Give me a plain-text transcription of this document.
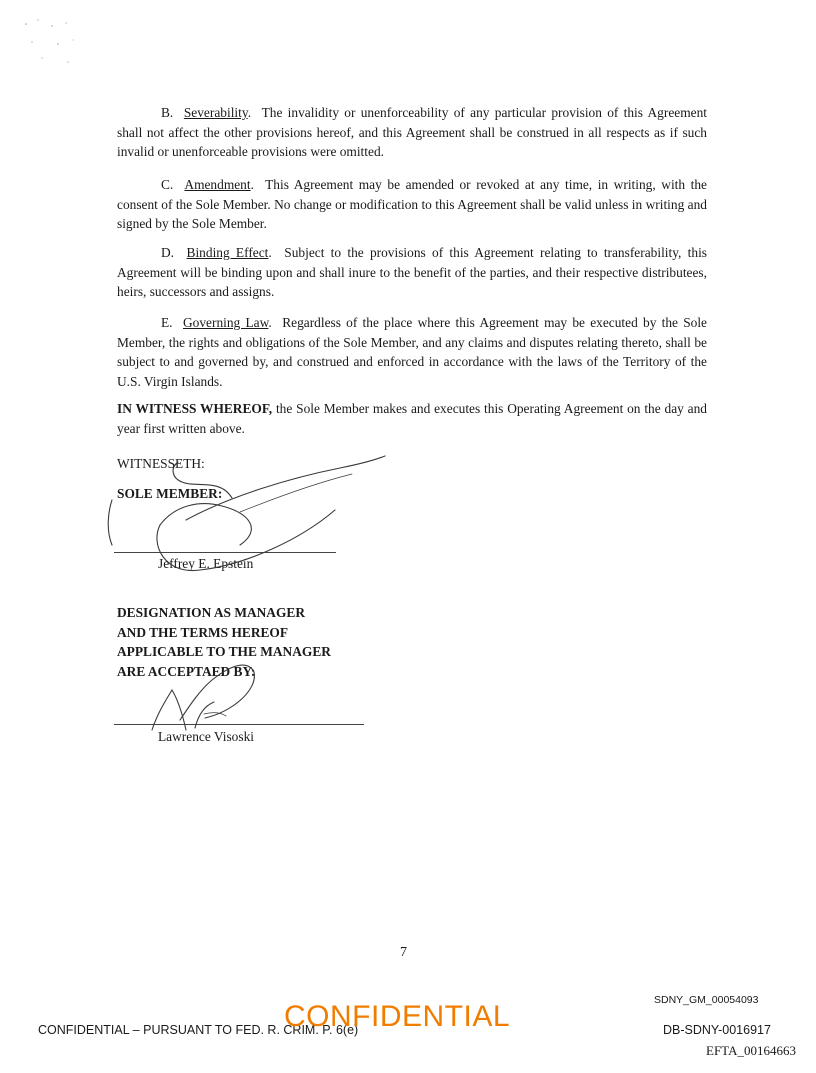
B. Severability.  The invalidity or unenforceability of any particular provision of this Agreement shall not affect the other provisions hereof, and this Agreement shall be construed in all respects as if such invalid or unenforceable provisions were omitted.

C. Amendment.  This Agreement may be amended or revoked at any time, in writing, with the consent of the Sole Member. No change or modification to this Agreement shall be valid unless in writing and signed by the Sole Member.

D. Binding Effect.  Subject to the provisions of this Agreement relating to transferability, this Agreement will be binding upon and shall inure to the benefit of the parties, and their respective distributees, heirs, successors and assigns.

E. Governing Law.  Regardless of the place where this Agreement may be executed by the Sole Member, the rights and obligations of the Sole Member, and any claims and disputes relating thereto, shall be subject to and governed by, and construed and enforced in accordance with the laws of the Territory of the U.S. Virgin Islands.

IN WITNESS WHEREOF, the Sole Member makes and executes this Operating Agreement on the day and year first written above.

WITNESSETH:
SOLE MEMBER:
Jeffrey E. Epstein
DESIGNATION AS MANAGER
AND THE TERMS HEREOF
APPLICABLE TO THE MANAGER
ARE ACCEPTAED BY:
Lawrence Visoski
7
SDNY_GM_00054093
CONFIDENTIAL – PURSUANT TO FED. R. CRIM. P. 6(e)
CONFIDENTIAL	DB-SDNY-0016917
EFTA_00164663
